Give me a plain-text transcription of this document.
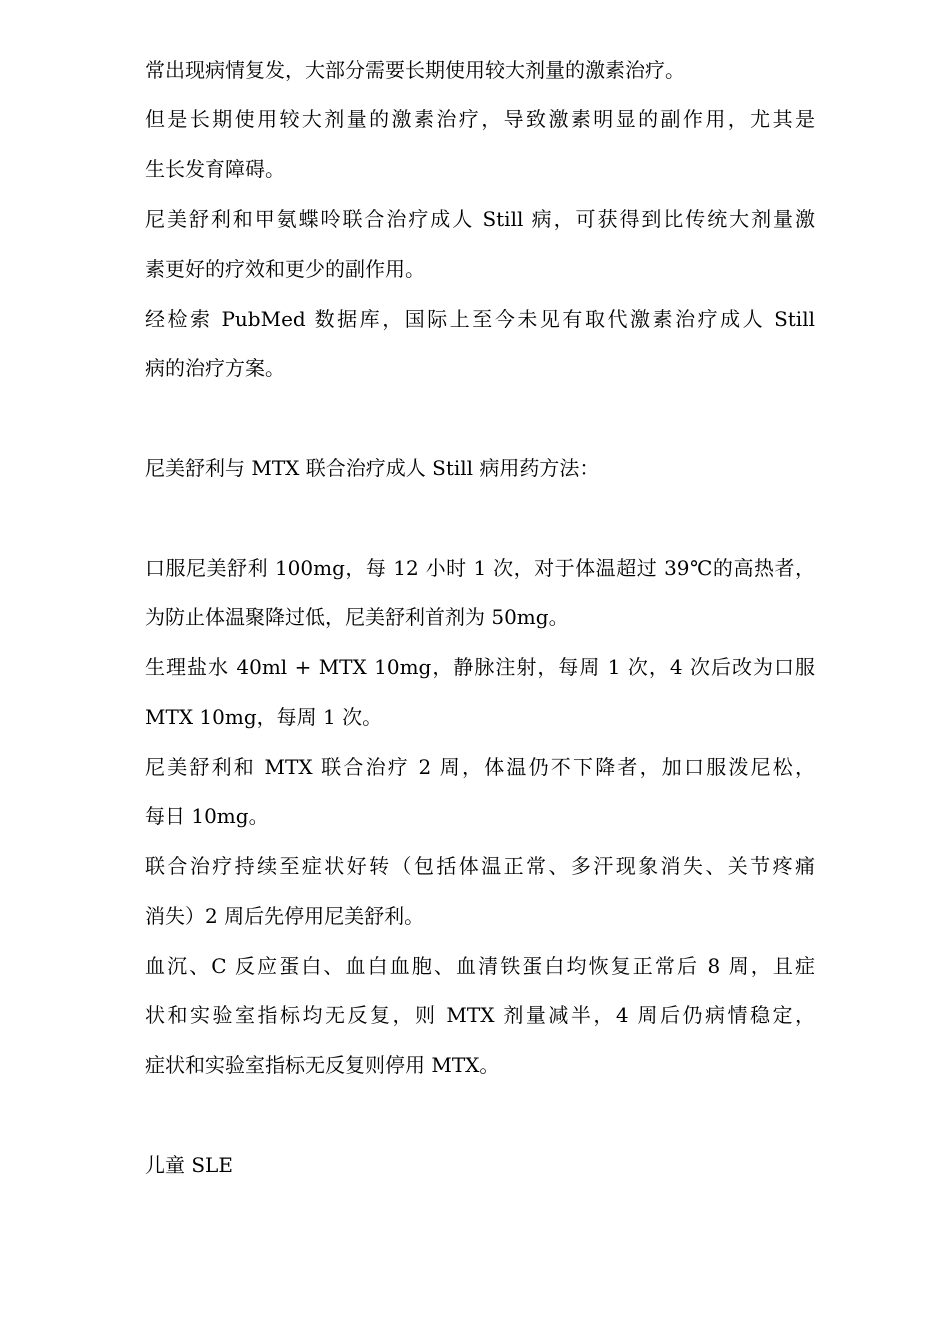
常出现病情复发，大部分需要长期使用较大剂量的激素治疗。
但是长期使用较大剂量的激素治疗，导致激素明显的副作用，尤其是
生长发育障碍。
尼美舒利和甲氨蝶呤联合治疗成人 Still 病，可获得到比传统大剂量激
素更好的疗效和更少的副作用。
经检索 PubMed 数据库，国际上至今未见有取代激素治疗成人 Still
病的治疗方案。
尼美舒利与 MTX 联合治疗成人 Still 病用药方法：
口服尼美舒利 100mg，每 12 小时 1 次，对于体温超过 39℃的高热者，
为防止体温聚降过低，尼美舒利首剂为 50mg。
生理盐水 40ml + MTX 10mg，静脉注射，每周 1 次，4 次后改为口服
MTX 10mg，每周 1 次。
尼美舒利和 MTX 联合治疗 2 周，体温仍不下降者，加口服泼尼松，
每日 10mg。
联合治疗持续至症状好转（包括体温正常、多汗现象消失、关节疼痛
消失）2 周后先停用尼美舒利。
血沉、C 反应蛋白、血白血胞、血清铁蛋白均恢复正常后 8 周，且症
状和实验室指标均无反复，则 MTX 剂量减半，4 周后仍病情稳定，
症状和实验室指标无反复则停用 MTX。
儿童 SLE
